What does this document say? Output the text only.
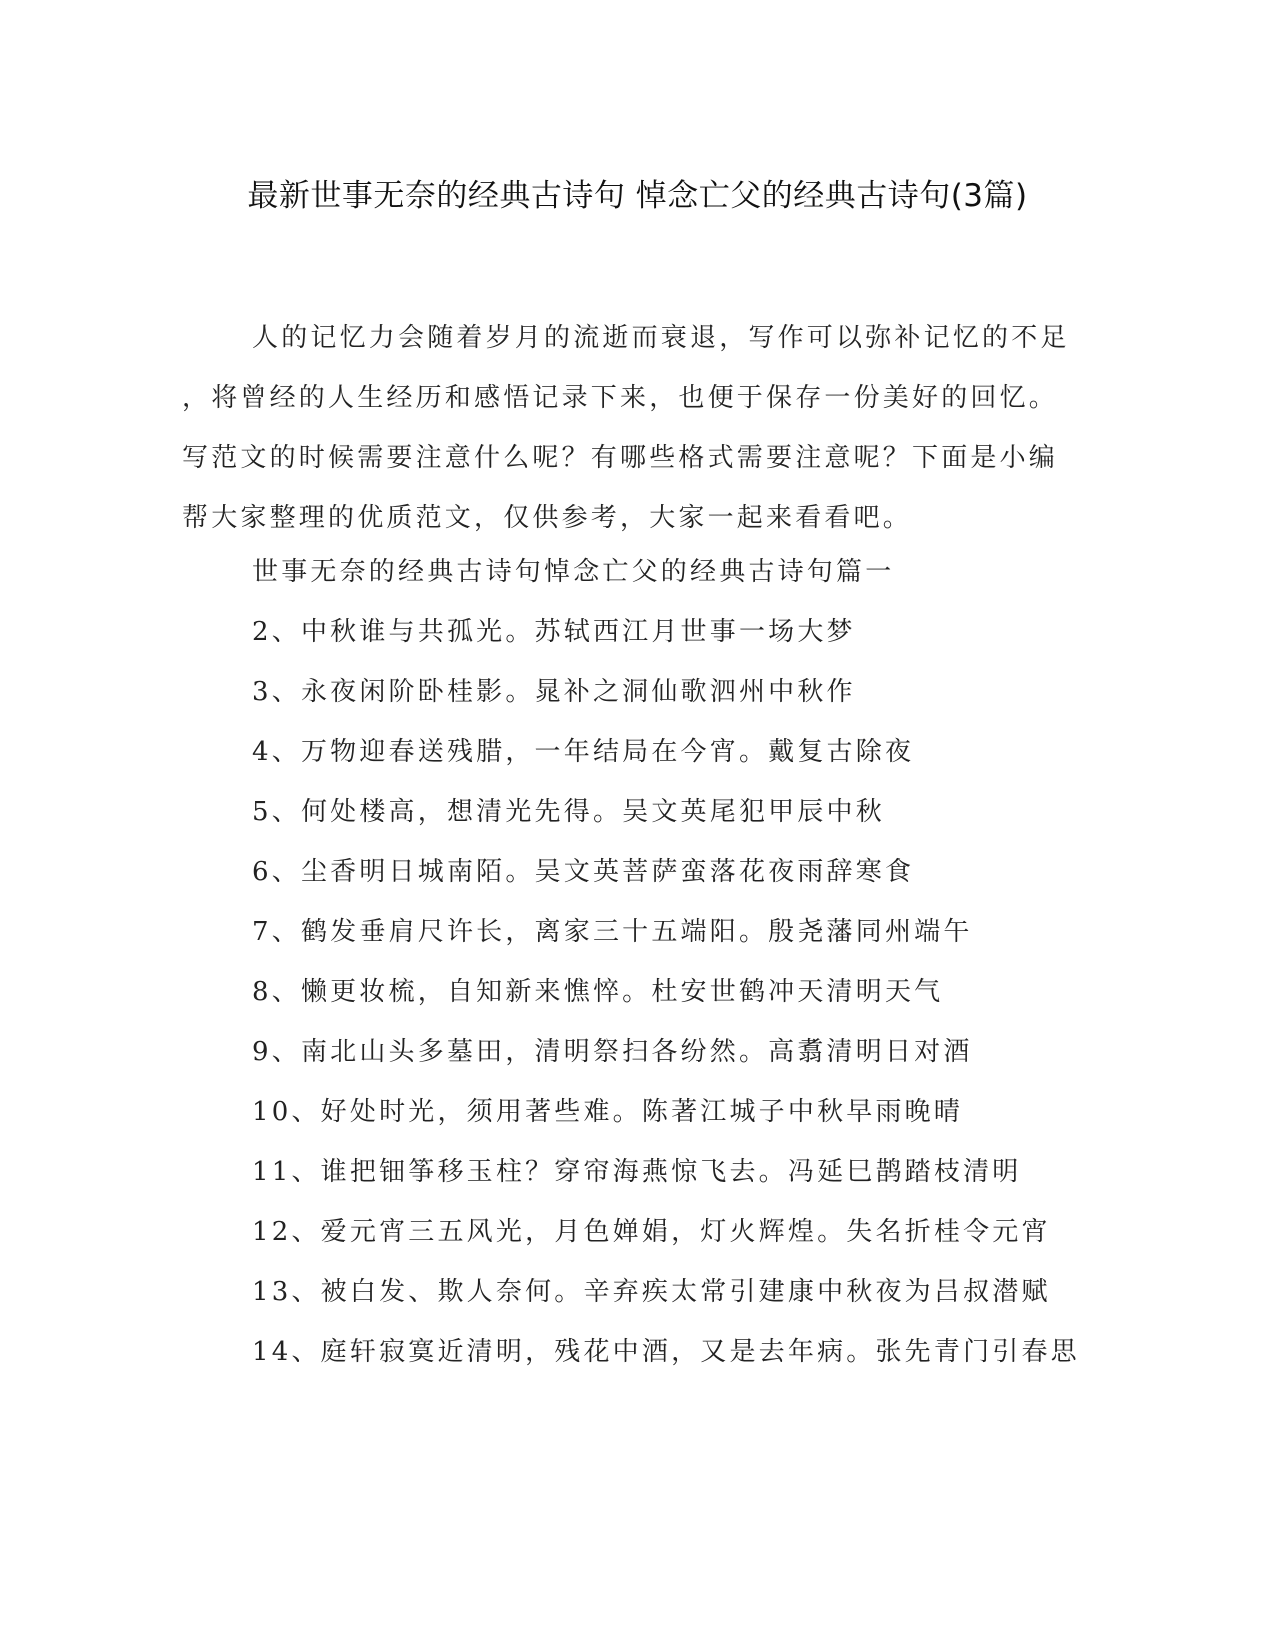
最新世事无奈的经典古诗句 悼念亡父的经典古诗句(3篇)
人的记忆力会随着岁月的流逝而衰退，写作可以弥补记忆的不足
，将曾经的人生经历和感悟记录下来，也便于保存一份美好的回忆。
写范文的时候需要注意什么呢？有哪些格式需要注意呢？下面是小编
帮大家整理的优质范文，仅供参考，大家一起来看看吧。
世事无奈的经典古诗句悼念亡父的经典古诗句篇一
2、中秋谁与共孤光。苏轼西江月世事一场大梦
3、永夜闲阶卧桂影。晁补之洞仙歌泗州中秋作
4、万物迎春送残腊，一年结局在今宵。戴复古除夜
5、何处楼高，想清光先得。吴文英尾犯甲辰中秋
6、尘香明日城南陌。吴文英菩萨蛮落花夜雨辞寒食
7、鹤发垂肩尺许长，离家三十五端阳。殷尧藩同州端午
8、懒更妆梳，自知新来憔悴。杜安世鹤冲天清明天气
9、南北山头多墓田，清明祭扫各纷然。高翥清明日对酒
10、好处时光，须用著些难。陈著江城子中秋早雨晚晴
11、谁把钿筝移玉柱？穿帘海燕惊飞去。冯延巳鹊踏枝清明
12、爱元宵三五风光，月色婵娟，灯火辉煌。失名折桂令元宵
13、被白发、欺人奈何。辛弃疾太常引建康中秋夜为吕叔潜赋
14、庭轩寂寞近清明，残花中酒，又是去年病。张先青门引春思
